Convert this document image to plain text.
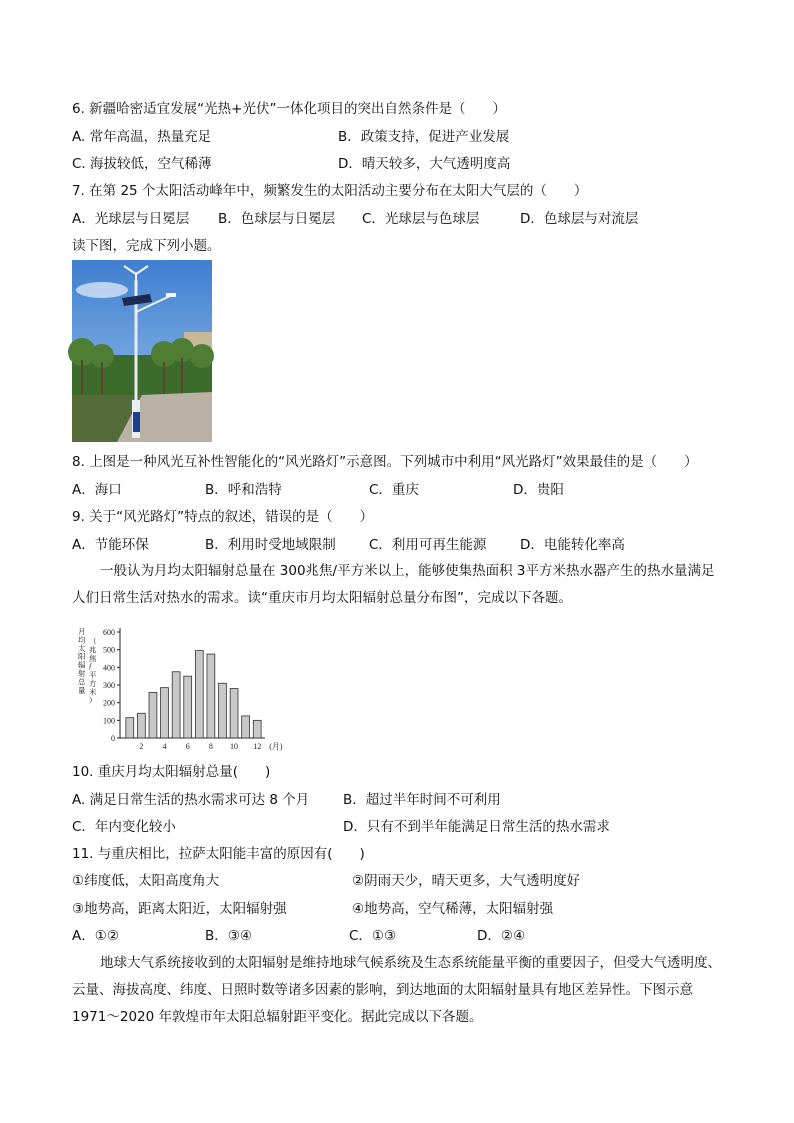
6. 新疆哈密适宜发展“光热+光伏”一体化项目的突出自然条件是（　　）
A. 常年高温，热量充足	B．政策支持，促进产业发展
C. 海拔较低，空气稀薄	D．晴天较多，大气透明度高
7. 在第 25 个太阳活动峰年中，频繁发生的太阳活动主要分布在太阳大气层的（　　）
A．光球层与日冕层 B．色球层与日冕层 C．光球层与色球层	D．色球层与对流层
读下图，完成下列小题。
8. 上图是一种风光互补性智能化的“风光路灯”示意图。下列城市中利用“风光路灯”效果最佳的是（　　）
A．海口	B．呼和浩特	C．重庆	D．贵阳
9. 关于“风光路灯”特点的叙述，错误的是（　　）
A．节能环保	B．利用时受地域限制 C．利用可再生能源 D．电能转化率高
一般认为月均太阳辐射总量在 300兆焦/平方米以上，能够使集热面积 3平方米热水器产生的热水量满足人们日常生活对热水的需求。读“重庆市月均太阳辐射总量分布图”，完成以下各题。
月均太阳辐射总量
（兆焦/平方米）
0
100
200
300
400
500
600
2 4 6 8 10 12 (月)
10. 重庆月均太阳辐射总量(　　)
A. 满足日常生活的热水需求可达 8 个月 B．超过半年时间不可利用
C．年内变化较小	D．只有不到半年能满足日常生活的热水需求
11. 与重庆相比，拉萨太阳能丰富的原因有(　　)
①纬度低，太阳高度角大	②阴雨天少，晴天更多，大气透明度好
③地势高，距离太阳近，太阳辐射强	④地势高，空气稀薄，太阳辐射强
A．①②	B．③④	C．①③	D．②④
地球大气系统接收到的太阳辐射是维持地球气候系统及生态系统能量平衡的重要因子，但受大气透明度、云量、海拔高度、纬度、日照时数等诸多因素的影响，到达地面的太阳辐射量具有地区差异性。下图示意 1971～2020 年敦煌市年太阳总辐射距平变化。据此完成以下各题。
